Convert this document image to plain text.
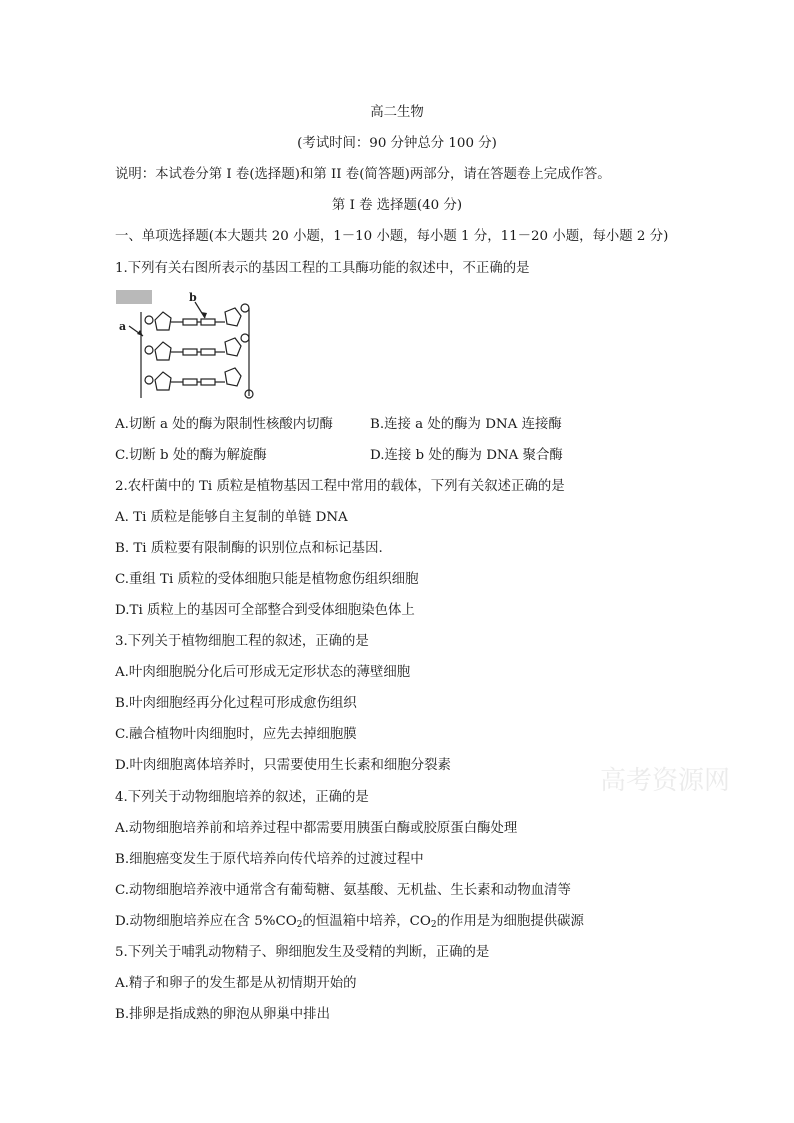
高二生物
(考试时间：90 分钟总分 100 分)
说明：本试卷分第 I 卷(选择题)和第 II 卷(简答题)两部分，请在答题卷上完成作答。
第 I 卷 选择题(40 分)
一、单项选择题(本大题共 20 小题，1－10 小题，每小题 1 分，11－20 小题，每小题 2 分)
1.下列有关右图所表示的基因工程的工具酶功能的叙述中，不正确的是
a
b
A.切断 a 处的酶为限制性核酸内切酶	B.连接 a 处的酶为 DNA 连接酶
C.切断 b 处的酶为解旋酶	D.连接 b 处的酶为 DNA 聚合酶
2.农杆菌中的 Ti 质粒是植物基因工程中常用的载体，下列有关叙述正确的是
A. Ti 质粒是能够自主复制的单链 DNA
B. Ti 质粒要有限制酶的识别位点和标记基因.
C.重组 Ti 质粒的受体细胞只能是植物愈伤组织细胞
D.Ti 质粒上的基因可全部整合到受体细胞染色体上
3.下列关于植物细胞工程的叙述，正确的是
A.叶肉细胞脱分化后可形成无定形状态的薄壁细胞
B.叶肉细胞经再分化过程可形成愈伤组织
C.融合植物叶肉细胞时，应先去掉细胞膜
D.叶肉细胞离体培养时，只需要使用生长素和细胞分裂素
4.下列关于动物细胞培养的叙述，正确的是
A.动物细胞培养前和培养过程中都需要用胰蛋白酶或胶原蛋白酶处理
B.细胞癌变发生于原代培养向传代培养的过渡过程中
C.动物细胞培养液中通常含有葡萄糖、氨基酸、无机盐、生长素和动物血清等
D.动物细胞培养应在含 $5\%CO_2$的恒温箱中培养，$CO_2$的作用是为细胞提供碳源
5.下列关于哺乳动物精子、卵细胞发生及受精的判断，正确的是
A.精子和卵子的发生都是从初情期开始的
B.排卵是指成熟的卵泡从卵巢中排出
高考资源网
